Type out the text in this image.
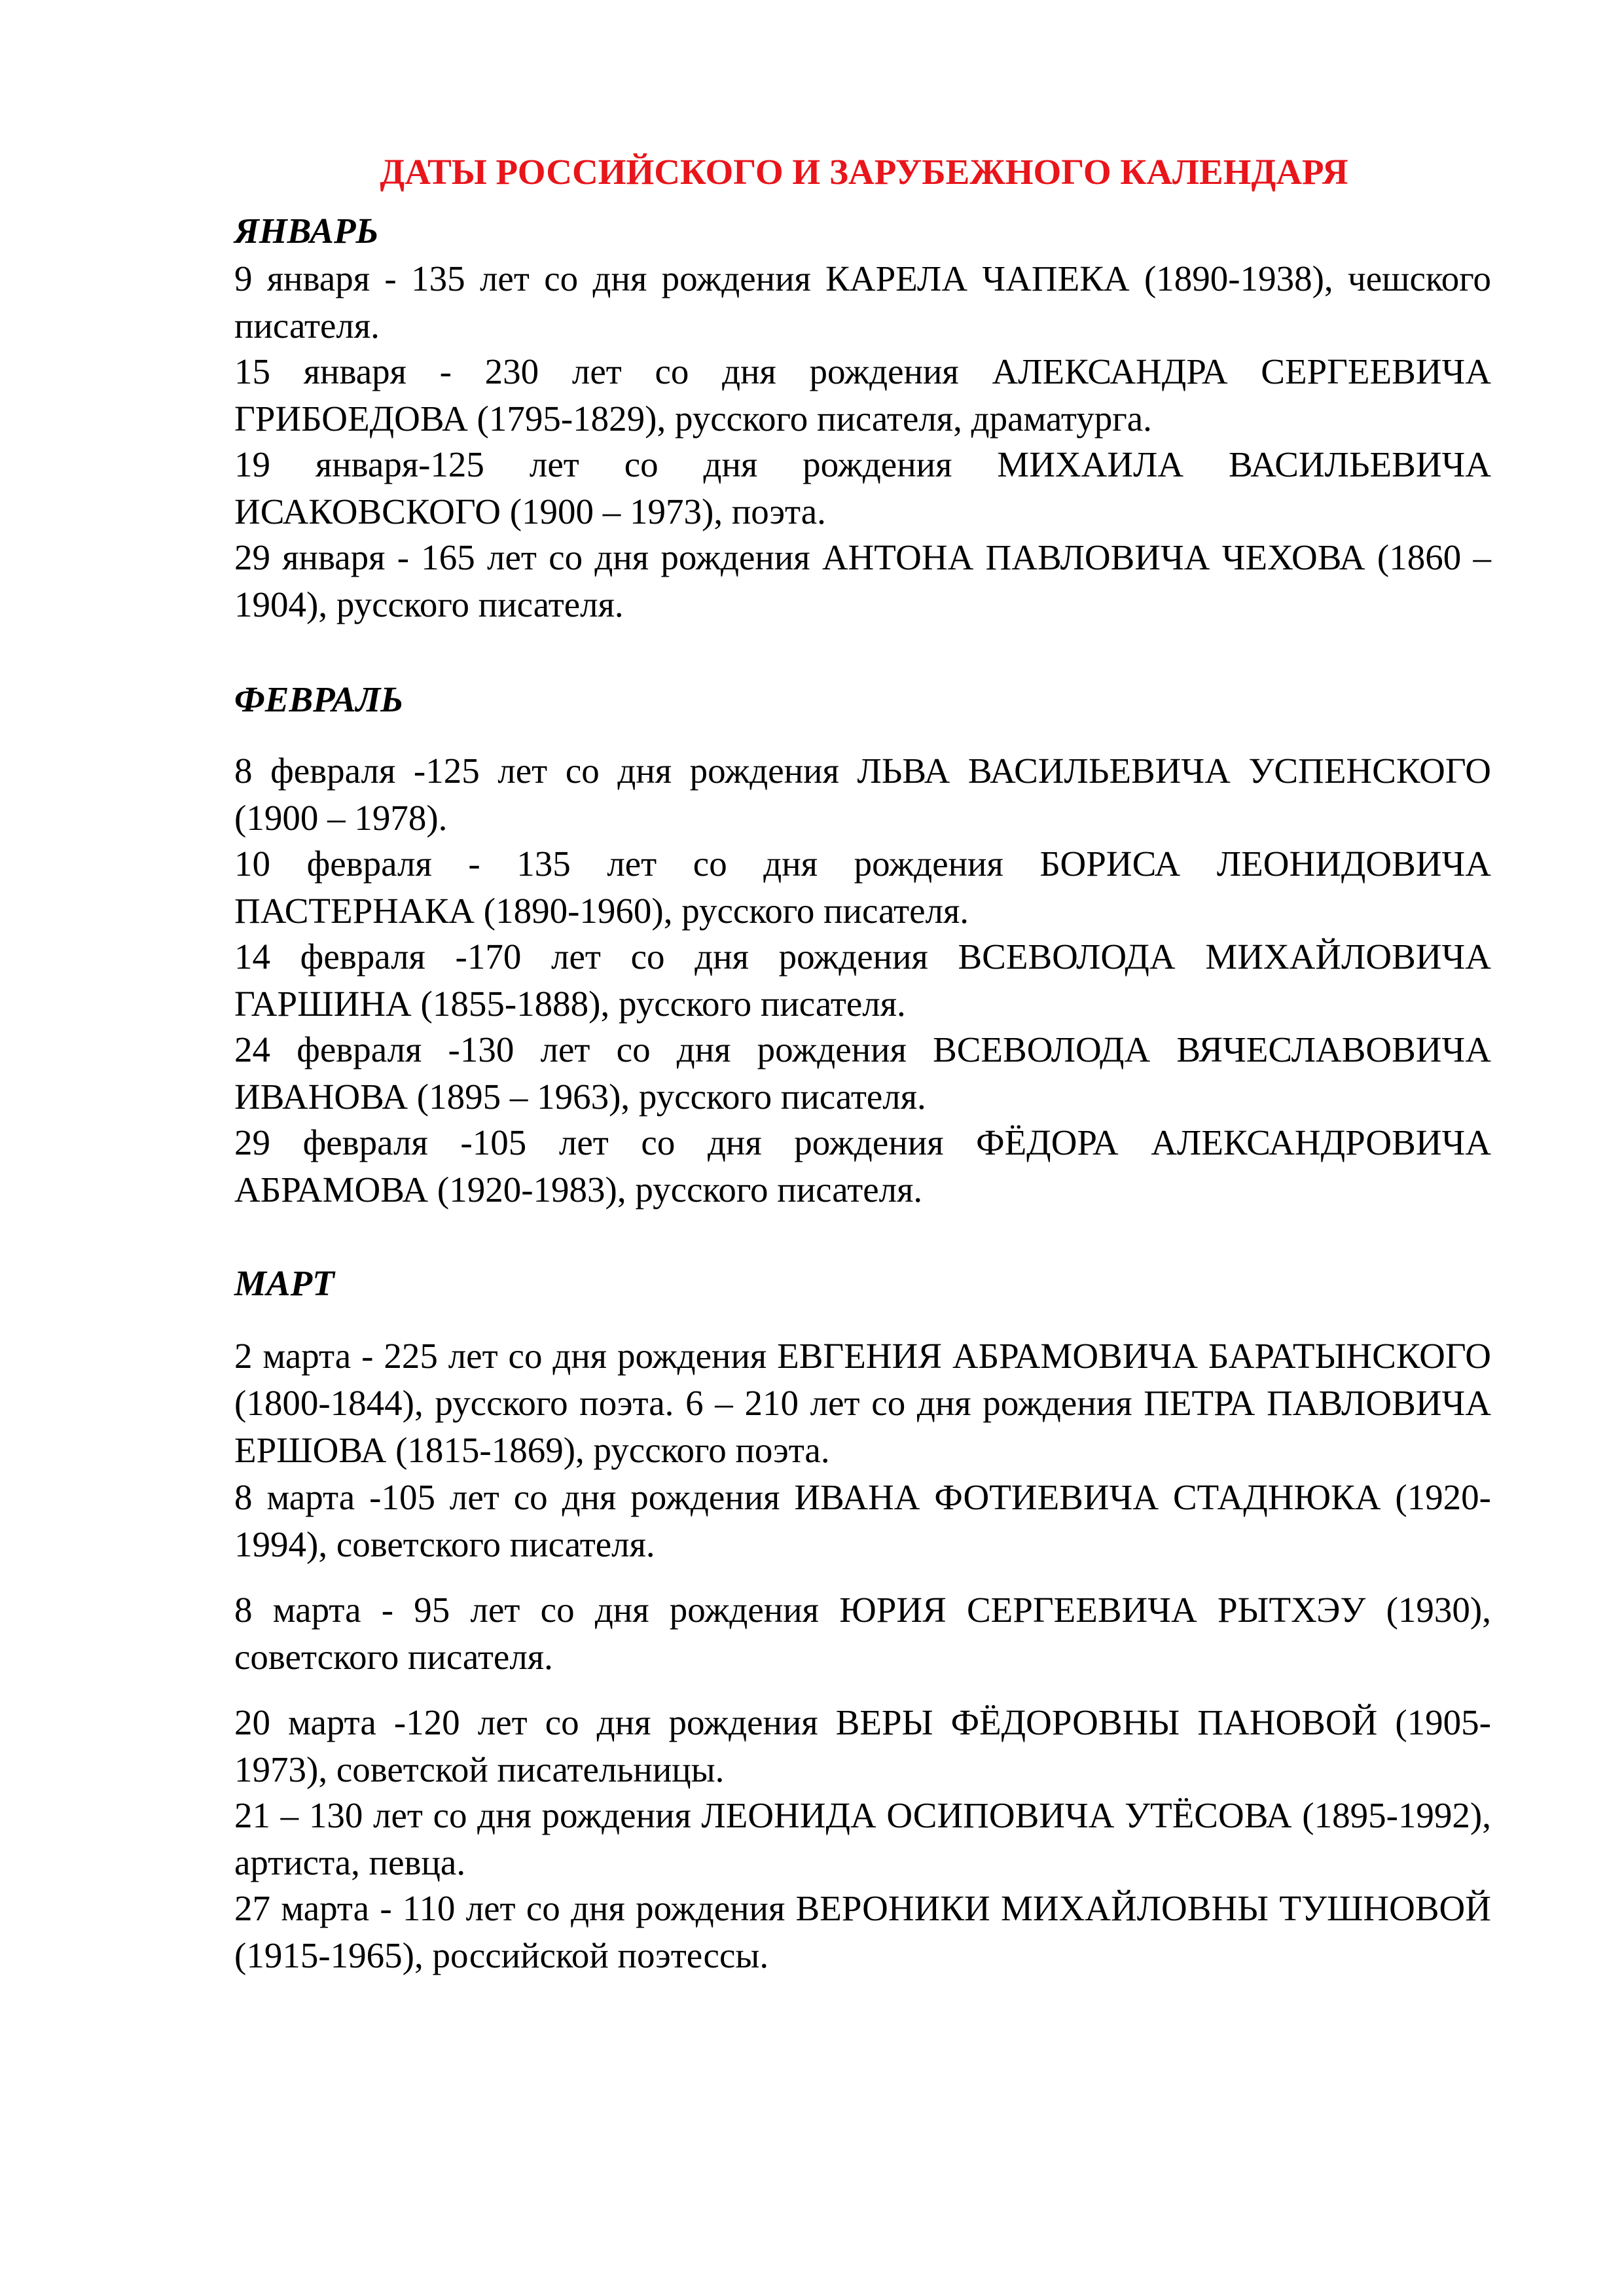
ДАТЫ РОССИЙСКОГО И ЗАРУБЕЖНОГО КАЛЕНДАРЯ
ЯНВАРЬ
9 января - 135 лет со дня рождения КАРЕЛА ЧАПЕКА (1890-1938), чешского писателя.
15 января - 230 лет со дня рождения АЛЕКСАНДРА СЕРГЕЕВИЧА ГРИБОЕДОВА (1795-1829), русского писателя, драматурга.
19 января-125 лет со дня рождения МИХАИЛА ВАСИЛЬЕВИЧА ИСАКОВСКОГО (1900 – 1973), поэта.
29 января - 165 лет со дня рождения АНТОНА ПАВЛОВИЧА ЧЕХОВА (1860 – 1904), русского писателя.
ФЕВРАЛЬ
8 февраля -125 лет со дня рождения ЛЬВА ВАСИЛЬЕВИЧА УСПЕНСКОГО (1900 – 1978).
10 февраля - 135 лет со дня рождения БОРИСА ЛЕОНИДОВИЧА ПАСТЕРНАКА (1890-1960), русского писателя.
14 февраля -170 лет со дня рождения ВСЕВОЛОДА МИХАЙЛОВИЧА ГАРШИНА (1855-1888), русского писателя.
24 февраля -130 лет со дня рождения ВСЕВОЛОДА ВЯЧЕСЛАВОВИЧА ИВАНОВА (1895 – 1963), русского писателя.
29 февраля -105 лет со дня рождения ФЁДОРА АЛЕКСАНДРОВИЧА АБРАМОВА (1920-1983), русского писателя.
МАРТ
2 марта - 225 лет со дня рождения ЕВГЕНИЯ АБРАМОВИЧА БАРАТЫНСКОГО (1800-1844), русского поэта. 6 – 210 лет со дня рождения ПЕТРА ПАВЛОВИЧА ЕРШОВА (1815-1869), русского поэта.
8 марта -105 лет со дня рождения ИВАНА ФОТИЕВИЧА СТАДНЮКА (1920-1994), советского писателя.
8 марта - 95 лет со дня рождения ЮРИЯ СЕРГЕЕВИЧА РЫТХЭУ (1930), советского писателя.
20 марта -120 лет со дня рождения ВЕРЫ ФЁДОРОВНЫ ПАНОВОЙ (1905-1973), советской писательницы.
21 – 130 лет со дня рождения ЛЕОНИДА ОСИПОВИЧА УТЁСОВА (1895-1992), артиста, певца.
27 марта - 110 лет со дня рождения ВЕРОНИКИ МИХАЙЛОВНЫ ТУШНОВОЙ (1915-1965), российской поэтессы.
